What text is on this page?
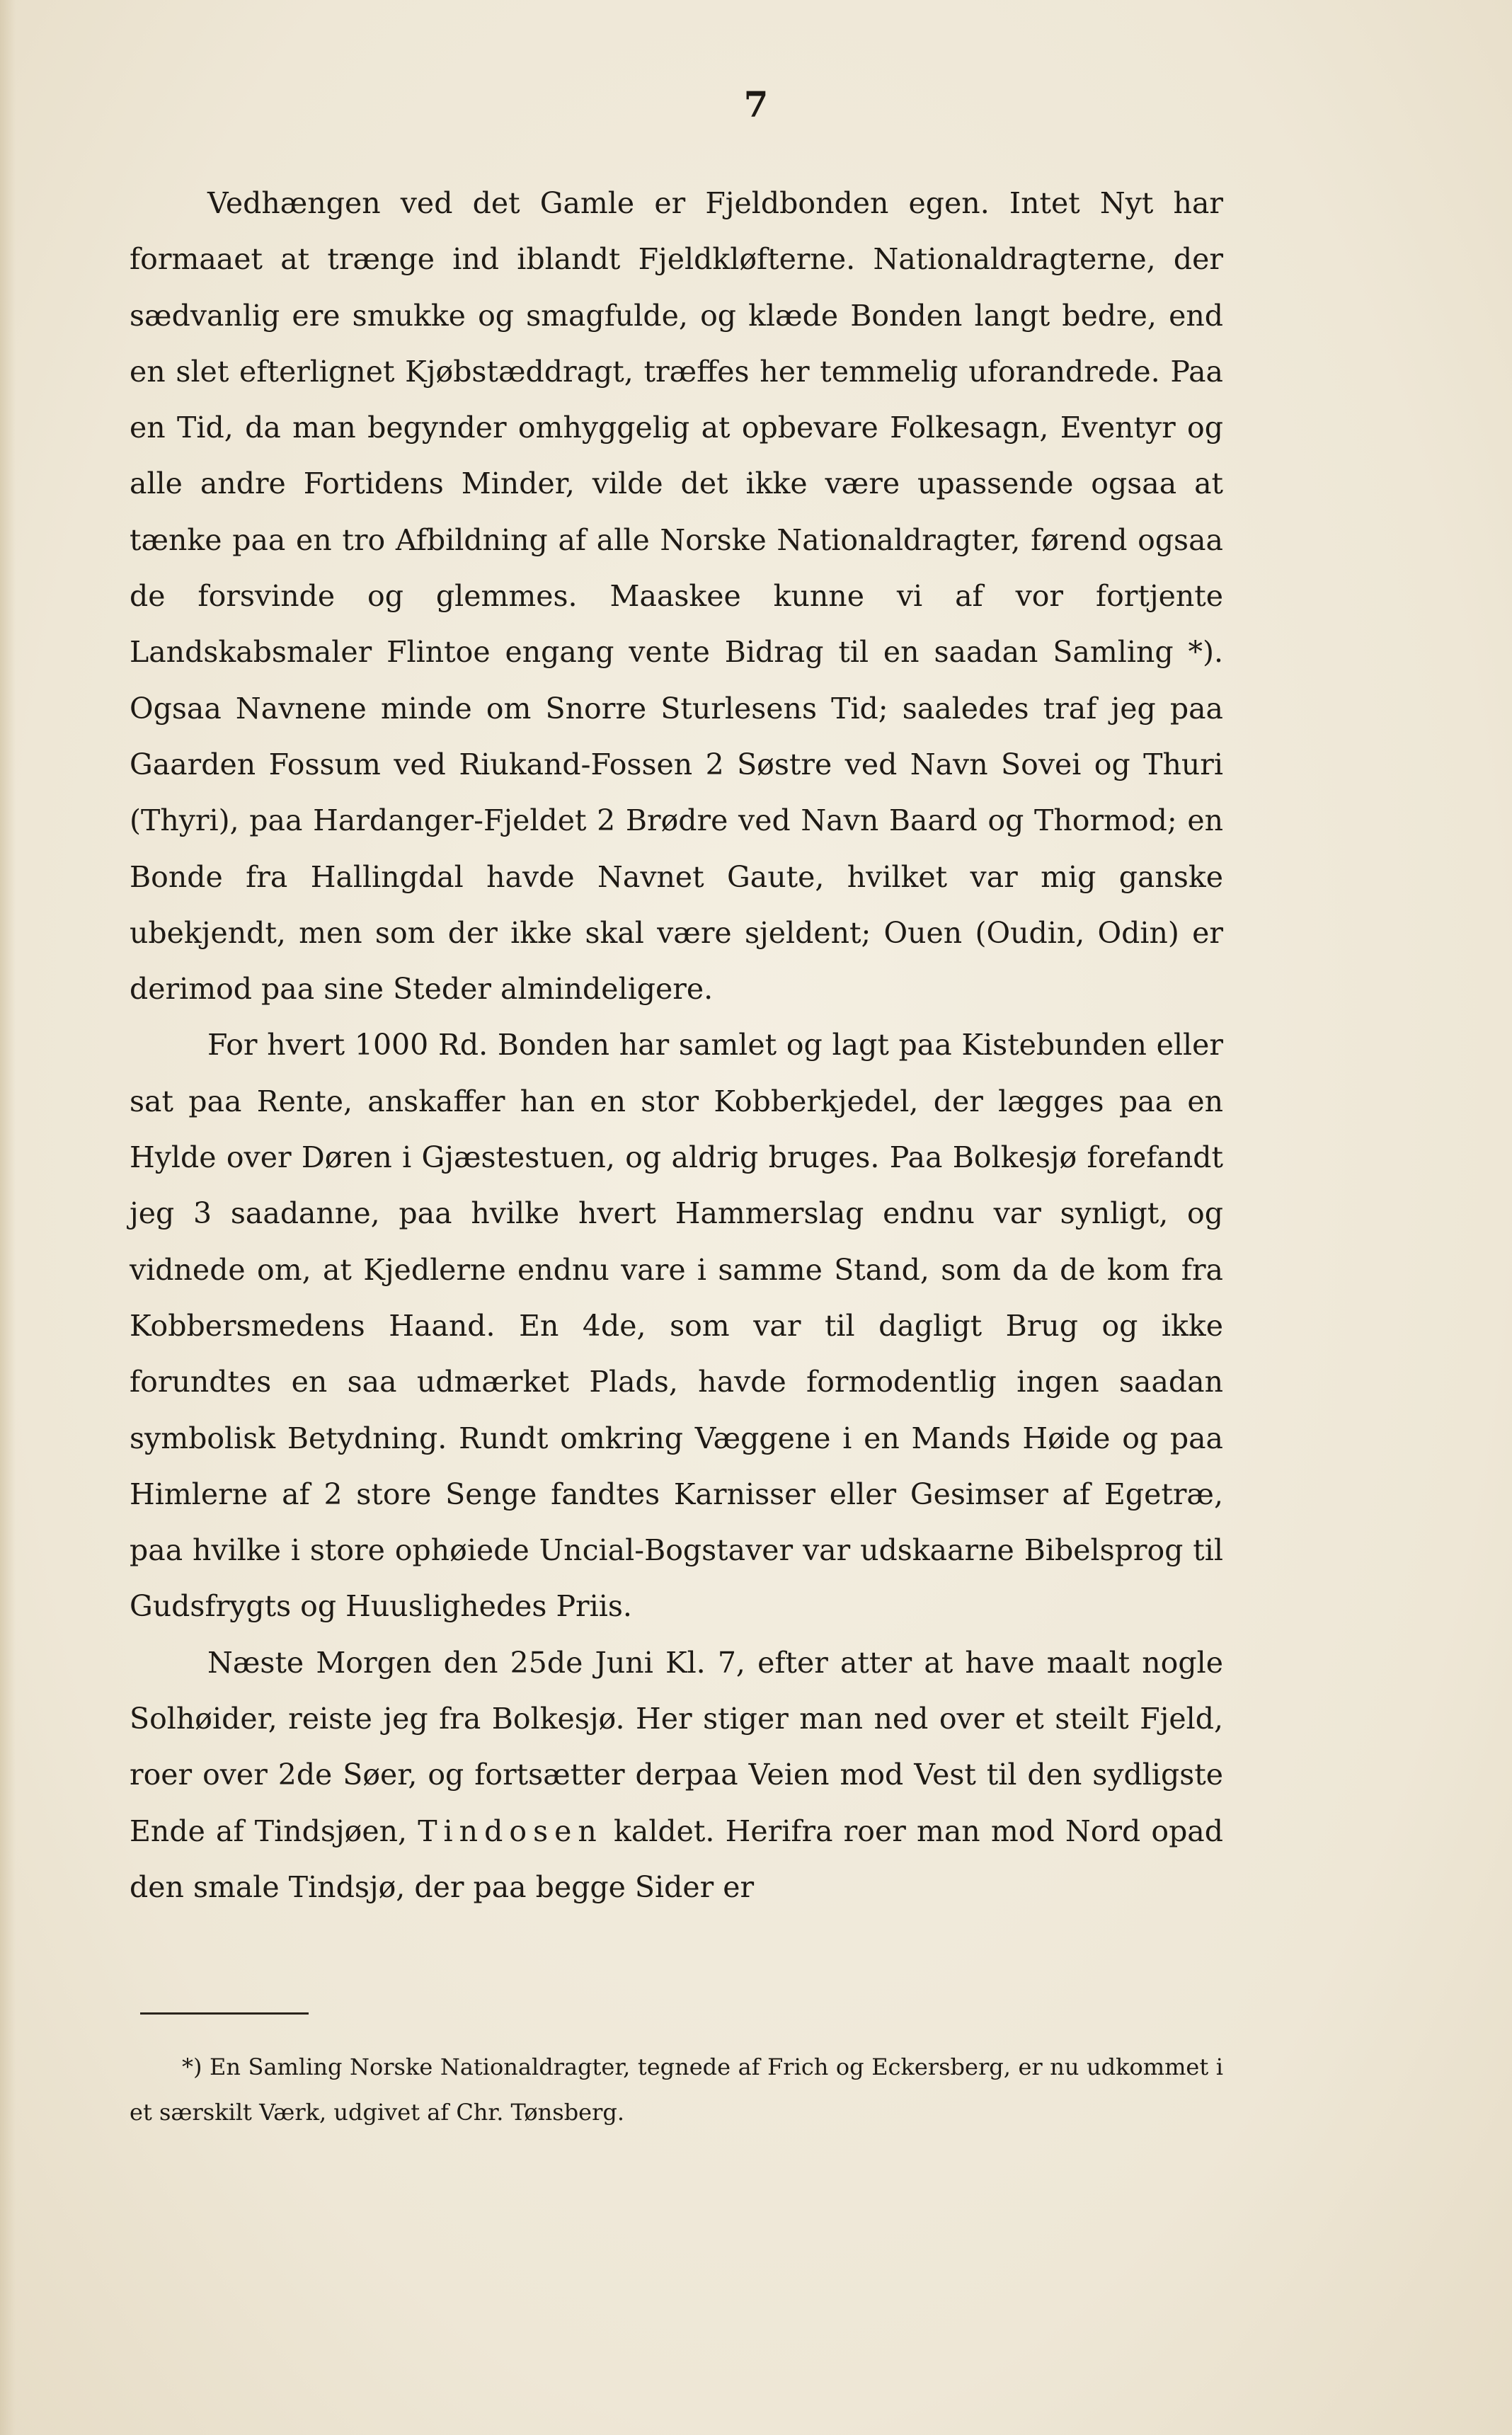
7

Vedhængen ved det Gamle er Fjeldbonden egen. Intet Nyt har formaaet at trænge ind iblandt Fjeldkløfterne. Nationaldragterne, der sædvanlig ere smukke og smagfulde, og klæde Bonden langt bedre, end en slet efterlignet Kjøbstæddragt, træffes her temmelig uforandrede. Paa en Tid, da man begynder omhyggelig at opbevare Folkesagn, Eventyr og alle andre Fortidens Minder, vilde det ikke være upassende ogsaa at tænke paa en tro Afbildning af alle Norske Nationaldragter, førend ogsaa de forsvinde og glemmes. Maaskee kunne vi af vor fortjente Landskabsmaler Flintoe engang vente Bidrag til en saadan Samling *). Ogsaa Navnene minde om Snorre Sturlesens Tid; saaledes traf jeg paa Gaarden Fossum ved Riukand-Fossen 2 Søstre ved Navn Sovei og Thuri (Thyri), paa Hardanger-Fjeldet 2 Brødre ved Navn Baard og Thormod; en Bonde fra Hallingdal havde Navnet Gaute, hvilket var mig ganske ubekjendt, men som der ikke skal være sjeldent; Ouen (Oudin, Odin) er derimod paa sine Steder almindeligere.

For hvert 1000 Rd. Bonden har samlet og lagt paa Kistebunden eller sat paa Rente, anskaffer han en stor Kobberkjedel, der lægges paa en Hylde over Døren i Gjæstestuen, og aldrig bruges. Paa Bolkesjø forefandt jeg 3 saadanne, paa hvilke hvert Hammerslag endnu var synligt, og vidnede om, at Kjedlerne endnu vare i samme Stand, som da de kom fra Kobbersmedens Haand. En 4de, som var til dagligt Brug og ikke forundtes en saa udmærket Plads, havde formodentlig ingen saadan symbolisk Betydning. Rundt omkring Væggene i en Mands Høide og paa Himlerne af 2 store Senge fandtes Karnisser eller Gesimser af Egetræ, paa hvilke i store ophøiede Uncial-Bogstaver var udskaarne Bibelsprog til Gudsfrygts og Huuslighedes Priis.

Næste Morgen den 25de Juni Kl. 7, efter atter at have maalt nogle Solhøider, reiste jeg fra Bolkesjø. Her stiger man ned over et steilt Fjeld, roer over 2de Søer, og fortsætter derpaa Veien mod Vest til den sydligste Ende af Tindsjøen, Tindosen kaldet. Herifra roer man mod Nord opad den smale Tindsjø, der paa begge Sider er

*) En Samling Norske Nationaldragter, tegnede af Frich og Eckersberg, er nu udkommet i et særskilt Værk, udgivet af Chr. Tønsberg.
